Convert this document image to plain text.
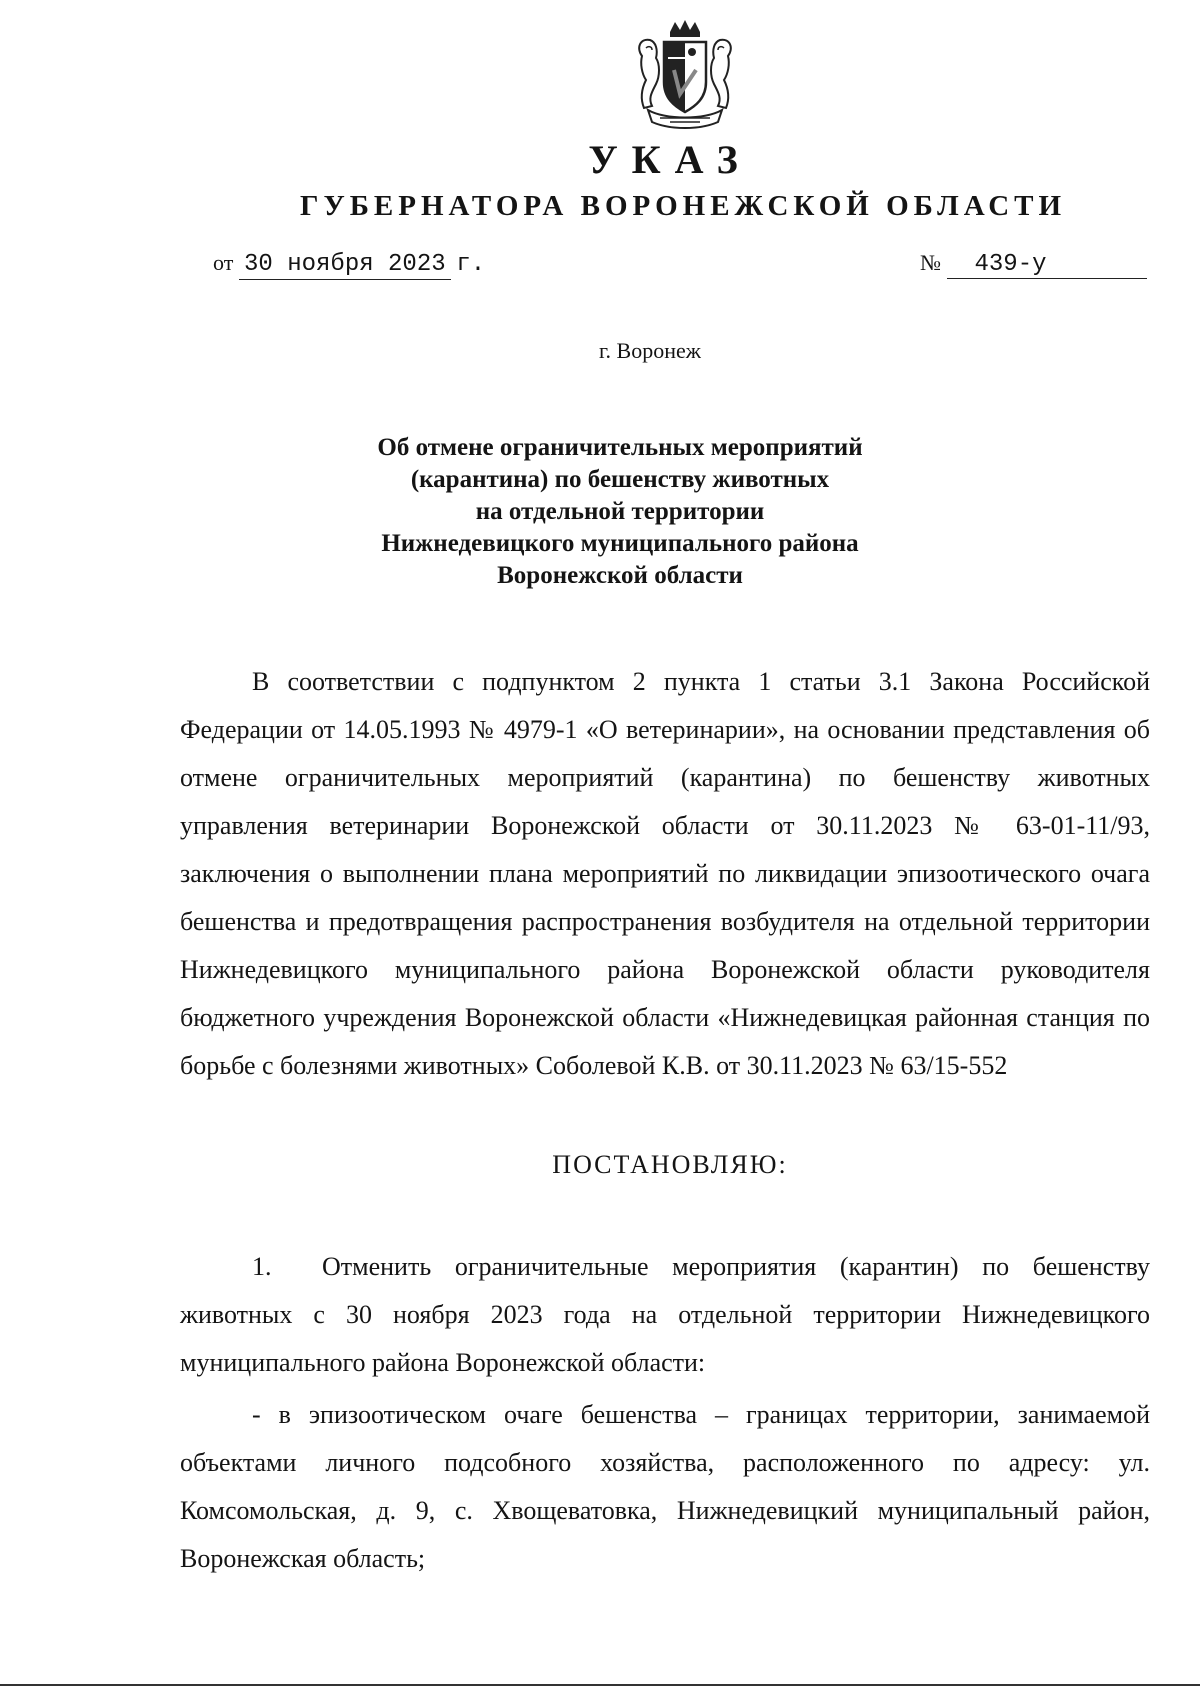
УКАЗ
ГУБЕРНАТОРА ВОРОНЕЖСКОЙ ОБЛАСТИ
от 30 ноября 2023 г.	№ 439-у
г. Воронеж
Об отмене ограничительных мероприятий
(карантина) по бешенству животных
на отдельной территории
Нижнедевицкого муниципального района
Воронежской области

В соответствии с подпунктом 2 пункта 1 статьи 3.1 Закона Российской Федерации от 14.05.1993 № 4979-1 «О ветеринарии», на основании представления об отмене ограничительных мероприятий (карантина) по бешенству животных управления ветеринарии Воронежской области от 30.11.2023 № 63-01-11/93, заключения о выполнении плана мероприятий по ликвидации эпизоотического очага бешенства и предотвращения распространения возбудителя на отдельной территории Нижнедевицкого муниципального района Воронежской области руководителя бюджетного учреждения Воронежской области «Нижнедевицкая районная станция по борьбе с болезнями животных» Соболевой К.В. от 30.11.2023 № 63/15-552

ПОСТАНОВЛЯЮ:

1. Отменить ограничительные мероприятия (карантин) по бешенству животных с 30 ноября 2023 года на отдельной территории Нижнедевицкого муниципального района Воронежской области:

- в эпизоотическом очаге бешенства – границах территории, занимаемой объектами личного подсобного хозяйства, расположенного по адресу: ул. Комсомольская, д. 9, с. Хвощеватовка, Нижнедевицкий муниципальный район, Воронежская область;
